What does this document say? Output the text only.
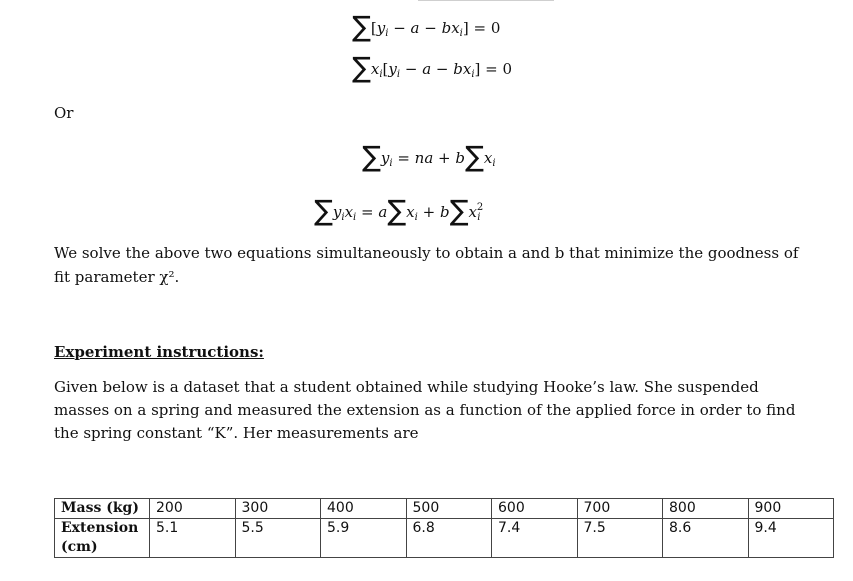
$\sum[y_i - a - bx_i] = 0$
$\sum x_i[y_i - a - bx_i] = 0$
Or
$\sum y_i$ = na + $b\sum x_i$
$\sum y_ix_i = a\sum x_i + b\sum x^2_i$
We solve the above two equations simultaneously to obtain a and b that minimize the goodness of
fit parameter χ².
Experiment instructions:
Given below is a dataset that a student obtained while studying Hooke’s law. She suspended
masses on a spring and measured the extension as a function of the applied force in order to find
the spring constant “K”. Her measurements are
Mass (kg)	200	300	400	500	600	700	800	900

Extension
(cm)	5.1	5.5	5.9	6.8	7.4	7.5	8.6	9.4
